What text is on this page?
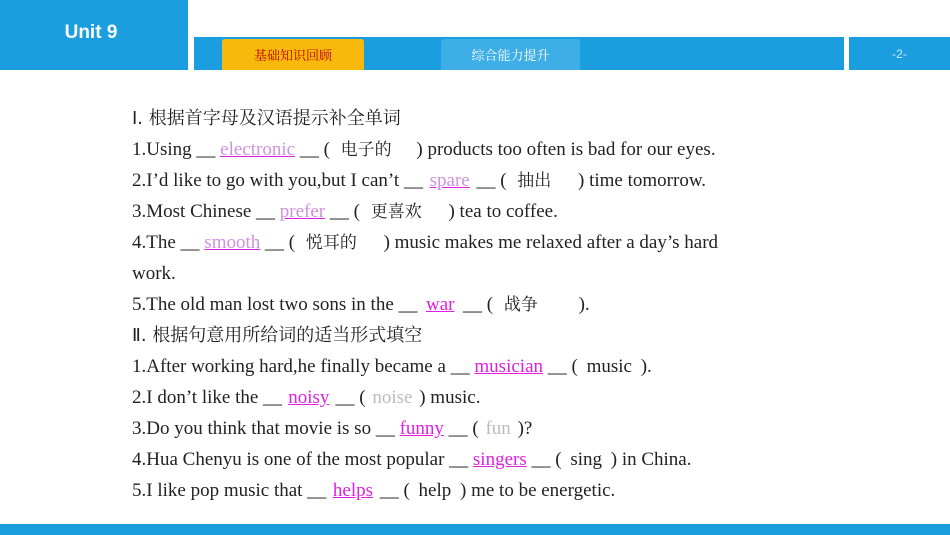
Unit 9
基础知识回顾	综合能力提升	-2-
Ⅰ. 根据首字母及汉语提示补全单词
1.Using __ electronic __ ( 电子的 ) products too often is bad for our eyes.
2.I’d like to go with you,but I can’t __ spare __ ( 抽出 ) time tomorrow.
3.Most Chinese __ prefer __ ( 更喜欢 ) tea to coffee.
4.The __ smooth __ ( 悦耳的 ) music makes me relaxed after a day’s hard
work.
5.The old man lost two sons in the __ war __ ( 战争 ).
Ⅱ. 根据句意用所给词的适当形式填空
1.After working hard,he finally became a __ musician __ ( music ).
2.I don’t like the __ noisy __ ( noise ) music.
3.Do you think that movie is so __ funny __ ( fun )?
4.Hua Chenyu is one of the most popular __ singers __ ( sing ) in China.
5.I like pop music that __ helps __ ( help ) me to be energetic.
